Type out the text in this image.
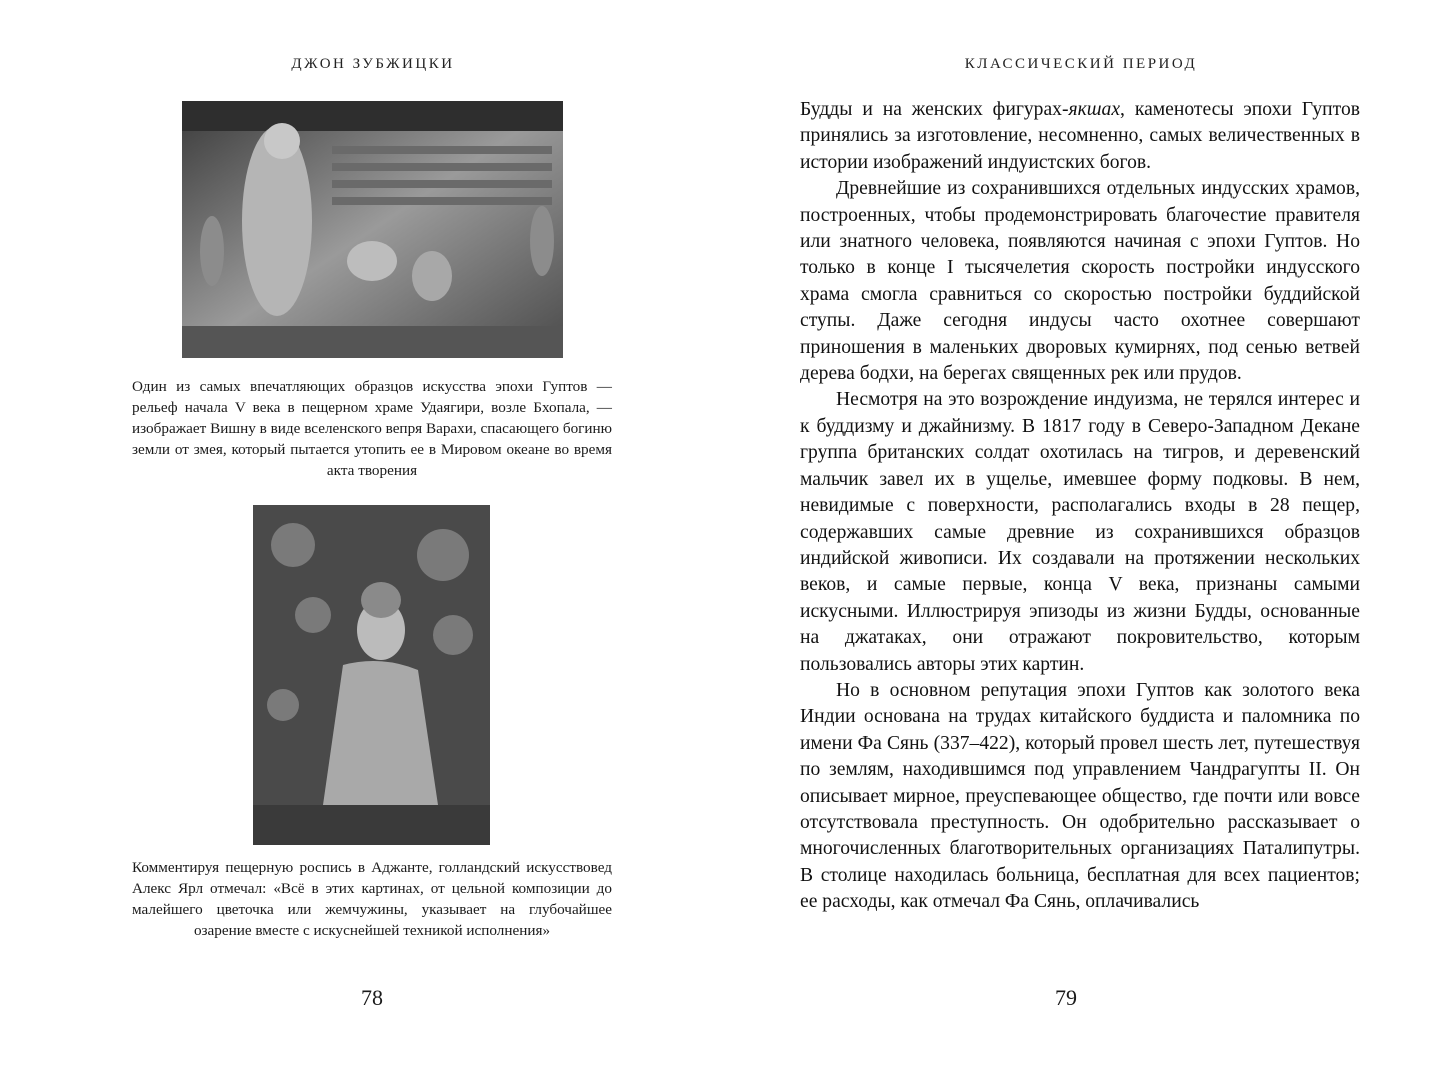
ДЖОН ЗУБЖИЦКИ

Один из самых впечатляющих образцов искусства эпохи Гуптов — рельеф начала V века в пещерном храме Удаягири, возле Бхопала, — изображает Вишну в виде вселенского вепря Варахи, спасающего богиню земли от змея, который пытается утопить ее в Мировом океане во время акта творения

Комментируя пещерную роспись в Аджанте, голландский искусствовед Алекс Ярл отмечал: «Всё в этих картинах, от цельной композиции до малейшего цветочка или жемчужины, указывает на глубочайшее озарение вместе с искуснейшей техникой исполнения»

78
КЛАССИЧЕСКИЙ ПЕРИОД

Будды и на женских фигурах-якшах, каменотесы эпохи Гуптов принялись за изготовление, несомненно, самых величественных в истории изображений индуистских богов.

Древнейшие из сохранившихся отдельных индусских храмов, построенных, чтобы продемонстрировать благочестие правителя или знатного человека, появляются начиная с эпохи Гуптов. Но только в конце I тысячелетия скорость постройки индусского храма смогла сравниться со скоростью постройки буддийской ступы. Даже сегодня индусы часто охотнее совершают приношения в маленьких дворовых кумирнях, под сенью ветвей дерева бодхи, на берегах священных рек или прудов.

Несмотря на это возрождение индуизма, не терялся интерес и к буддизму и джайнизму. В 1817 году в Северо-Западном Декане группа британских солдат охотилась на тигров, и деревенский мальчик завел их в ущелье, имевшее форму подковы. В нем, невидимые с поверхности, располагались входы в 28 пещер, содержавших самые древние из сохранившихся образцов индийской живописи. Их создавали на протяжении нескольких веков, и самые первые, конца V века, признаны самыми искусными. Иллюстрируя эпизоды из жизни Будды, основанные на джатаках, они отражают покровительство, которым пользовались авторы этих картин.

Но в основном репутация эпохи Гуптов как золотого века Индии основана на трудах китайского буддиста и паломника по имени Фа Сянь (337–422), который провел шесть лет, путешествуя по землям, находившимся под управлением Чандрагупты II. Он описывает мирное, преуспевающее общество, где почти или вовсе отсутствовала преступность. Он одобрительно рассказывает о многочисленных благотворительных организациях Паталипутры. В столице находилась больница, бесплатная для всех пациентов; ее расходы, как отмечал Фа Сянь, оплачивались

79
